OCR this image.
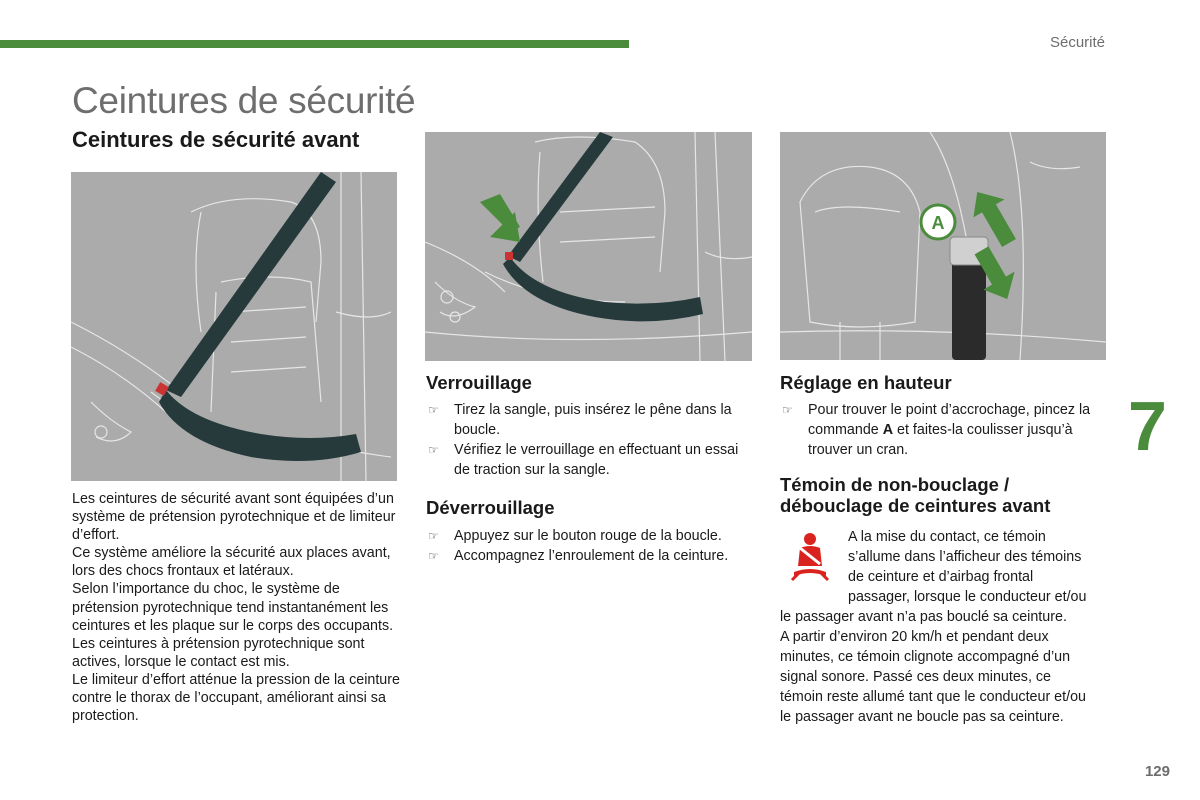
Sécurité
Ceintures de sécurité
Ceintures de sécurité avant
A

Les ceintures de sécurité avant sont équipées d’un système de prétension pyrotechnique et de limiteur d’effort.

Ce système améliore la sécurité aux places avant, lors des chocs frontaux et latéraux.

Selon l’importance du choc, le système de prétension pyrotechnique tend instantanément les ceintures et les plaque sur le corps des occupants.

Les ceintures à prétension pyrotechnique sont actives, lorsque le contact est mis.

Le limiteur d’effort atténue la pression de la ceinture contre le thorax de l’occupant, améliorant ainsi sa protection.

Verrouillage
☞ Tirez la sangle, puis insérez le pêne dans la boucle.
☞ Vérifiez le verrouillage en effectuant un essai de traction sur la sangle.
Déverrouillage
☞ Appuyez sur le bouton rouge de la boucle.
☞ Accompagnez l’enroulement de la ceinture.
Réglage en hauteur
☞ Pour trouver le point d’accrochage, pincez la commande A et faites-la coulisser jusqu’à trouver un cran.
Témoin de non-bouclage / débouclage de ceintures avant

A la mise du contact, ce témoin

s’allume dans l’afficheur des témoins

de ceinture et d’airbag frontal

passager, lorsque le conducteur et/ou

le passager avant n’a pas bouclé sa ceinture.

A partir d’environ 20 km/h et pendant deux

minutes, ce témoin clignote accompagné d’un

signal sonore. Passé ces deux minutes, ce

témoin reste allumé tant que le conducteur et/ou

le passager avant ne boucle pas sa ceinture.

7
129
